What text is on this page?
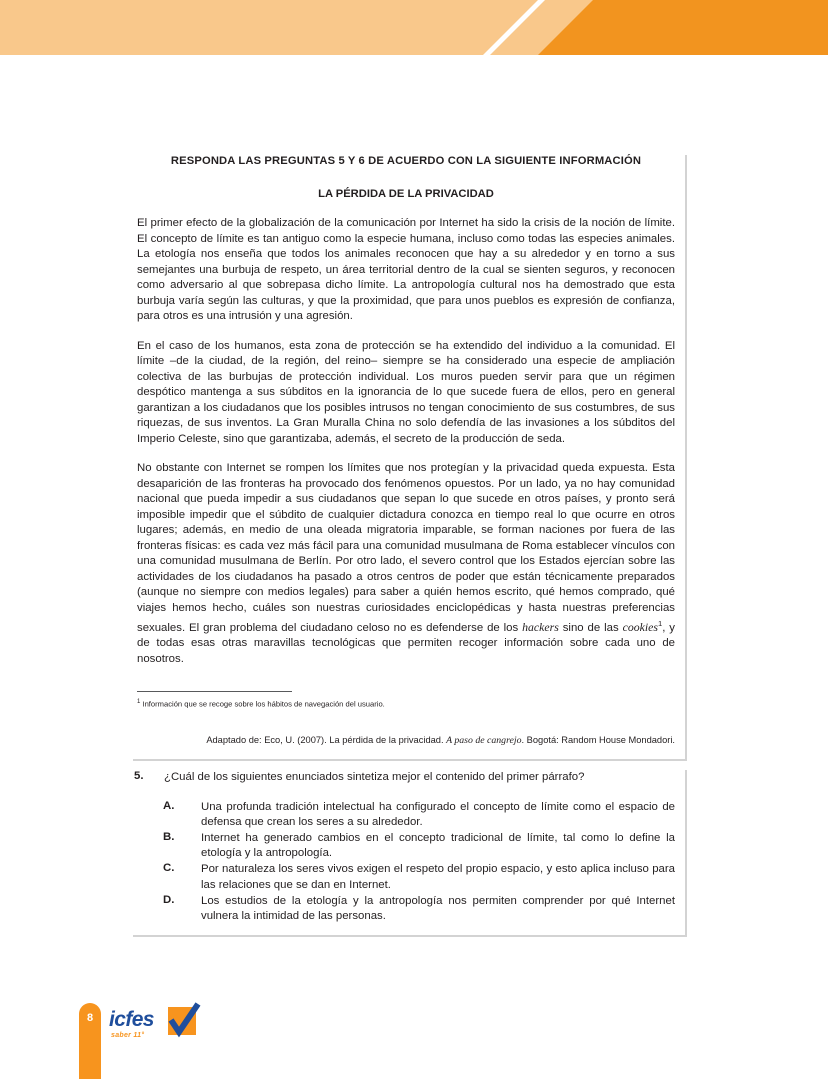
RESPONDA LAS PREGUNTAS 5 Y 6 DE ACUERDO CON LA SIGUIENTE INFORMACIÓN
LA PÉRDIDA DE LA PRIVACIDAD

El primer efecto de la globalización de la comunicación por Internet ha sido la crisis de la noción de límite. El concepto de límite es tan antiguo como la especie humana, incluso como todas las especies animales. La etología nos enseña que todos los animales reconocen que hay a su alrededor y en torno a sus semejantes una burbuja de respeto, un área territorial dentro de la cual se sienten seguros, y reconocen como adversario al que sobrepasa dicho límite. La antropología cultural nos ha demostrado que esta burbuja varía según las culturas, y que la proximidad, que para unos pueblos es expresión de confianza, para otros es una intrusión y una agresión.

En el caso de los humanos, esta zona de protección se ha extendido del individuo a la comunidad. El límite –de la ciudad, de la región, del reino– siempre se ha considerado una especie de ampliación colectiva de las burbujas de protección individual. Los muros pueden servir para que un régimen despótico mantenga a sus súbditos en la ignorancia de lo que sucede fuera de ellos, pero en general garantizan a los ciudadanos que los posibles intrusos no tengan conocimiento de sus costumbres, de sus riquezas, de sus inventos. La Gran Muralla China no solo defendía de las invasiones a los súbditos del Imperio Celeste, sino que garantizaba, además, el secreto de la producción de seda.

No obstante con Internet se rompen los límites que nos protegían y la privacidad queda expuesta. Esta desaparición de las fronteras ha provocado dos fenómenos opuestos. Por un lado, ya no hay comunidad nacional que pueda impedir a sus ciudadanos que sepan lo que sucede en otros países, y pronto será imposible impedir que el súbdito de cualquier dictadura conozca en tiempo real lo que ocurre en otros lugares; además, en medio de una oleada migratoria imparable, se forman naciones por fuera de las fronteras físicas: es cada vez más fácil para una comunidad musulmana de Roma establecer vínculos con una comunidad musulmana de Berlín. Por otro lado, el severo control que los Estados ejercían sobre las actividades de los ciudadanos ha pasado a otros centros de poder que están técnicamente preparados (aunque no siempre con medios legales) para saber a quién hemos escrito, qué hemos comprado, qué viajes hemos hecho, cuáles son nuestras curiosidades enciclopédicas y hasta nuestras preferencias sexuales. El gran problema del ciudadano celoso no es defenderse de los hackers sino de las cookies$^1$, y de todas esas otras maravillas tecnológicas que permiten recoger información sobre cada uno de nosotros.

$^1$ Información que se recoge sobre los hábitos de navegación del usuario.

Adaptado de: Eco, U. (2007). La pérdida de la privacidad. A paso de cangrejo. Bogotá: Random House Mondadori.

5.	¿Cuál de los siguientes enunciados sintetiza mejor el contenido del primer párrafo?
A.	Una profunda tradición intelectual ha configurado el concepto de límite como el espacio de defensa que crean los seres a su alrededor.
B.	Internet ha generado cambios en el concepto tradicional de límite, tal como lo define la etología y la antropología.
C.	Por naturaleza los seres vivos exigen el respeto del propio espacio, y esto aplica incluso para las relaciones que se dan en Internet.
D.	Los estudios de la etología y la antropología nos permiten comprender por qué Internet vulnera la intimidad de las personas.
8 icfes
saber 11°
